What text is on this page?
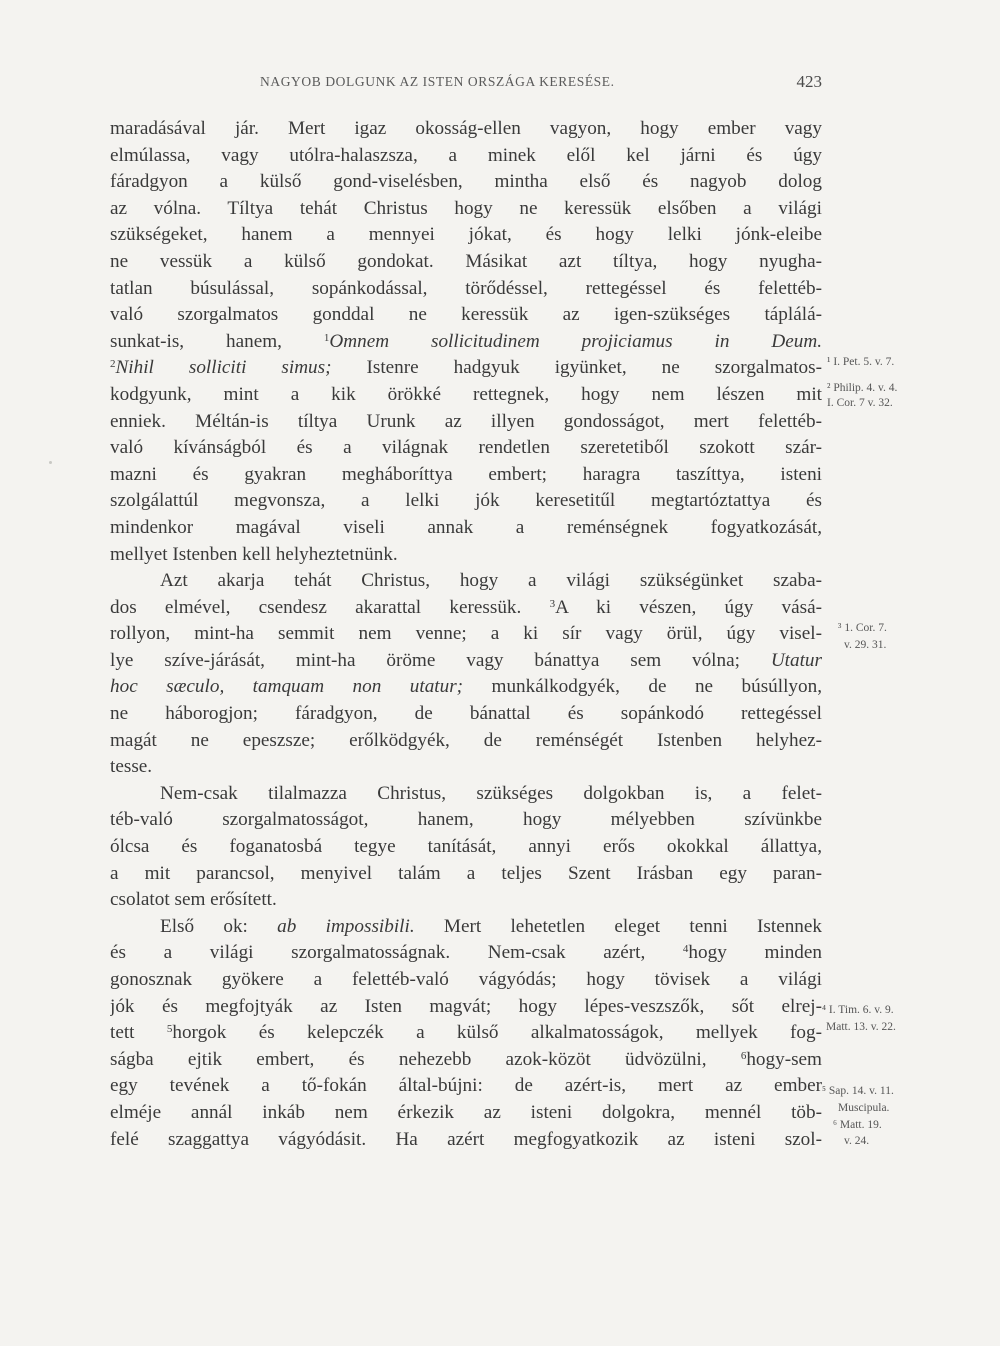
NAGYOB DOLGUNK AZ ISTEN ORSZÁGA KERESÉSE.	423
maradásával jár. Mert igaz okosság-ellen vagyon, hogy ember vagy
elmúlassa, vagy utólra-halaszsza, a minek elől kel járni és úgy
fáradgyon a külső gond-viselésben, mintha első és nagyob dolog
az vólna. Tíltya tehát Christus hogy ne keressük elsőben a világi
szükségeket, hanem a mennyei jókat, és hogy lelki jónk-eleibe
ne vessük a külső gondokat. Másikat azt tíltya, hogy nyugha-
tatlan búsulással, sopánkodással, törődéssel, rettegéssel és felettéb-
való szorgalmatos gonddal ne keressük az igen-szükséges táplálá-
sunkat-is, hanem,	$^1$Omnem sollicitudinem projiciamus in Deum.
$^2$Nihil solliciti simus; Istenre hadgyuk igyünket, ne szorgalmatos-
kodgyunk, mint a kik örökké rettegnek, hogy nem lészen mit
enniek. Méltán-is tíltya Urunk az illyen gondosságot, mert felettéb-
való kívánságból és a világnak rendetlen szeretetiből szokott szár-
mazni és gyakran megháboríttya embert; haragra taszíttya, isteni
szolgálattúl megvonsza, a lelki jók keresetitűl megtartóztattya és
mindenkor magával viseli annak a reménségnek fogyatkozását,
mellyet Istenben kell helyheztetnünk.
Azt akarja tehát Christus, hogy a világi szükségünket szaba-
dos elmével, csendesz akarattal keressük.	$^3$A ki vészen, úgy vásá-
rollyon, mint-ha semmit nem venne; a ki sír vagy örül, úgy visel-
lye szíve-járását, mint-ha öröme vagy bánattya sem vólna; Utatur
hoc sæculo, tamquam non utatur; munkálkodgyék, de ne búsúllyon,
ne háborogjon; fáradgyon, de bánattal és sopánkodó rettegéssel
magát ne epeszsze; erőlködgyék, de reménségét Istenben helyhez-
tesse.
Nem-csak tilalmazza Christus, szükséges dolgokban is, a felet-
téb-való szorgalmatosságot, hanem, hogy mélyebben szívünkbe
ólcsa és foganatosbá tegye tanítását, annyi erős okokkal állattya,
a mit parancsol, menyivel talám a teljes Szent Irásban egy paran-
csolatot sem erősített.
Első ok: ab impossibili. Mert lehetetlen eleget tenni Istennek
és a világi szorgalmatosságnak. Nem-csak azért,	$^4$hogy minden
gonosznak gyökere a felettéb-való vágyódás; hogy tövisek a világi
jók és megfojtyák az Isten magvát; hogy lépes-veszszők, sőt elrej-
tett	$^5$horgok és kelepczék a külső alkalmatosságok, mellyek fog-
ságba ejtik embert, és nehezebb azok-közöt üdvözülni,	$^6$hogy-sem
egy tevének a tő-fokán által-bújni: de azért-is, mert az ember
elméje annál inkáb nem érkezik az isteni dolgokra, mennél töb-
felé szaggattya vágyódásit. Ha azért megfogyatkozik az isteni szol-
¹ I. Pet. 5. v. 7.
² Philip. 4. v. 4.
I. Cor. 7 v. 32.
³ 1. Cor. 7.
v. 29. 31.
⁴ I. Tim. 6. v. 9.
Matt. 13. v. 22.
⁵ Sap. 14. v. 11.
Muscipula.
⁶ Matt. 19.
v. 24.
